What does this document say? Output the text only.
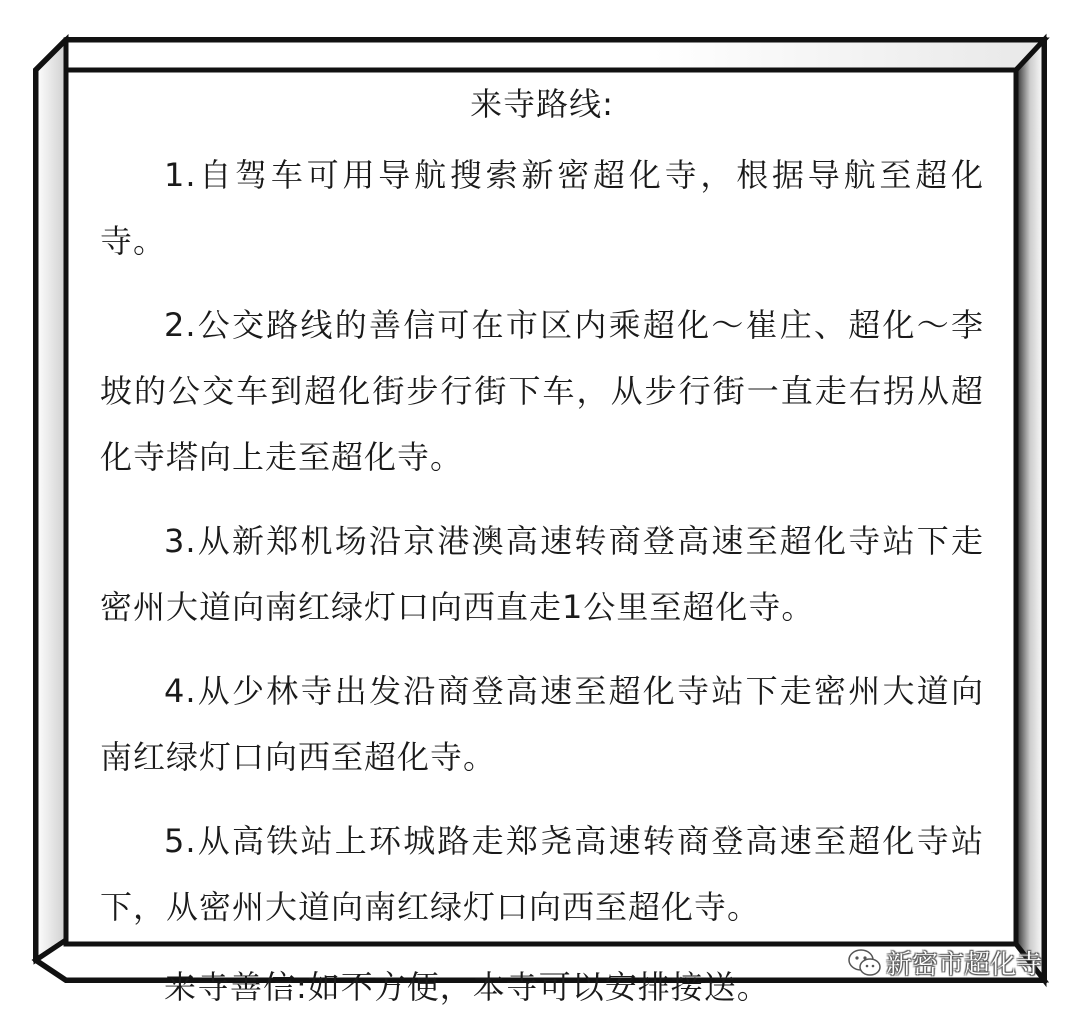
来寺路线:

1.自驾车可用导航搜索新密超化寺，根据导航至超化寺。

2.公交路线的善信可在市区内乘超化～崔庄、超化～李坡的公交车到超化街步行街下车，从步行街一直走右拐从超化寺塔向上走至超化寺。

3.从新郑机场沿京港澳高速转商登高速至超化寺站下走密州大道向南红绿灯口向西直走1公里至超化寺。

4.从少林寺出发沿商登高速至超化寺站下走密州大道向南红绿灯口向西至超化寺。

5.从高铁站上环城路走郑尧高速转商登高速至超化寺站下，从密州大道向南红绿灯口向西至超化寺。

来寺善信:如不方便，本寺可以安排接送。

新密市超化寺
